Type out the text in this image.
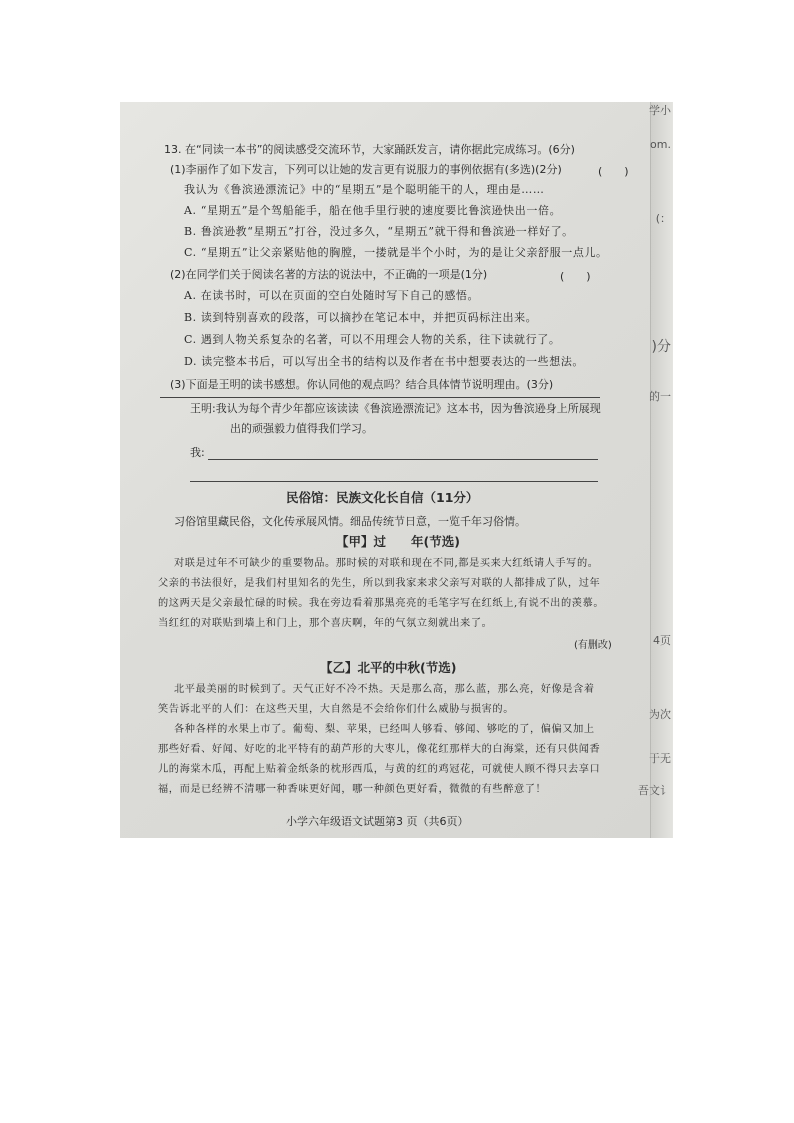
学小
om.
(：
)分
的一
4页
为次
于无
吾文讠
13. 在“同读一本书”的阅读感受交流环节，大家踊跃发言，请你据此完成练习。(6分)
(1)李丽作了如下发言，下列可以让她的发言更有说服力的事例依据有(多选)(2分)	(　　)
我认为《鲁滨逊漂流记》中的“星期五”是个聪明能干的人，理由是……
A. “星期五”是个驾船能手，船在他手里行驶的速度要比鲁滨逊快出一倍。
B. 鲁滨逊教“星期五”打谷，没过多久，“星期五”就干得和鲁滨逊一样好了。
C. “星期五”让父亲紧贴他的胸膛，一搂就是半个小时，为的是让父亲舒服一点儿。
(2)在同学们关于阅读名著的方法的说法中，不正确的一项是(1分)	(　　)
A. 在读书时，可以在页面的空白处随时写下自己的感悟。
B. 读到特别喜欢的段落，可以摘抄在笔记本中，并把页码标注出来。
C. 遇到人物关系复杂的名著，可以不用理会人物的关系，往下读就行了。
D. 读完整本书后，可以写出全书的结构以及作者在书中想要表达的一些想法。
(3)下面是王明的读书感想。你认同他的观点吗？结合具体情节说明理由。(3分)
王明:我认为每个青少年都应该读读《鲁滨逊漂流记》这本书，因为鲁滨逊身上所展现
出的顽强毅力值得我们学习。
我:
民俗馆：民族文化长自信（11分）
习俗馆里藏民俗，文化传承展风情。细品传统节日意，一览千年习俗情。
【甲】过　　年(节选)
对联是过年不可缺少的重要物品。那时候的对联和现在不同,都是买来大红纸请人手写的。
父亲的书法很好，是我们村里知名的先生，所以到我家来求父亲写对联的人都排成了队，过年
的这两天是父亲最忙碌的时候。我在旁边看着那黑亮亮的毛笔字写在红纸上,有说不出的羡慕。
当红红的对联贴到墙上和门上，那个喜庆啊，年的气氛立刻就出来了。
(有删改)
【乙】北平的中秋(节选)
北平最美丽的时候到了。天气正好不冷不热。天是那么高，那么蓝，那么亮，好像是含着
笑告诉北平的人们：在这些天里，大自然是不会给你们什么威胁与损害的。
各种各样的水果上市了。葡萄、梨、苹果，已经叫人够看、够闻、够吃的了，偏偏又加上
那些好看、好闻、好吃的北平特有的葫芦形的大枣儿，像花红那样大的白海棠，还有只供闻香
儿的海棠木瓜，再配上贴着金纸条的枕形西瓜，与黄的红的鸡冠花，可就使人顾不得只去享口
福，而是已经辨不清哪一种香味更好闻，哪一种颜色更好看，微微的有些醉意了！
小学六年级语文试题第3 页（共6页）
